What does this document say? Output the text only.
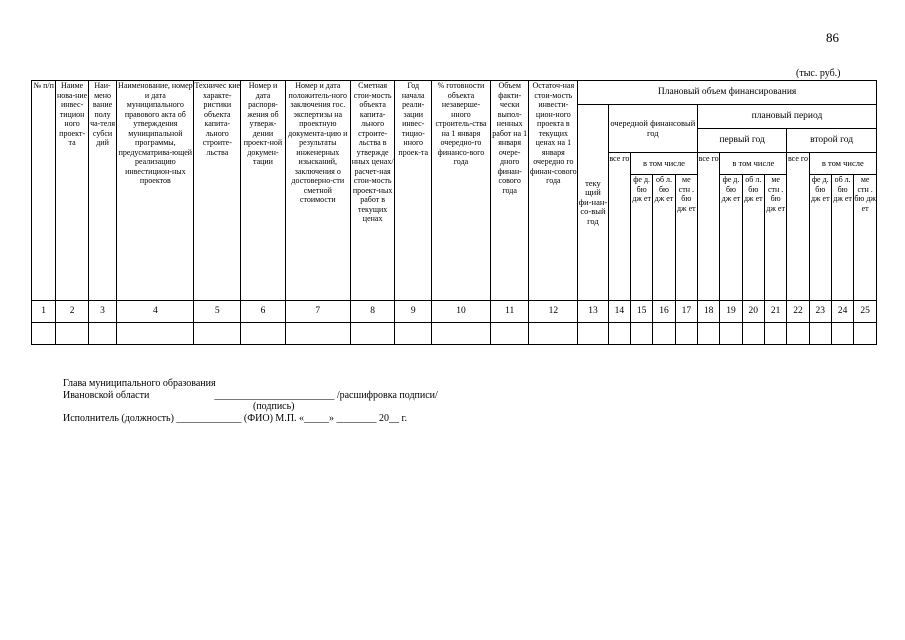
86
(тыс. руб.)
№ п/п	Наиме нова-ние инвес-тицион ного проект-та	Наи-мено вание полу ча-теля субси дий	Наименование, номер и дата муниципального правового акта об утверждения муниципальной программы, предусматрива-ющей реализацию инвестицион-ных проектов	Техничес кие характе-ристики объекта капита-льного строите-льства	Номер и дата распоря-жения об утверж-дении проект-ной докумен-тации	Номер и дата положитель-ного заключения гос. экспертизы на проектную документа-цию и результаты инженерных изысканий, заключения о достоверно-сти сметной стоимости	Сметная стои-мость объекта капита-льного строите-льства в утвержде нных ценах/ расчет-ная стои-мость проект-ных работ в текущих ценах	Год начала реали-зации инвес-тицио-нного проек-та	% готовности объекта незаверше-нного строитель-ства на 1 января очередно-го финансо-вого года	Объем факти-чески выпол-ненных работ на 1 января очере-дного финан-сового года	Остаточ-ная стои-мость инвести-цион-ного проекта в текущих ценах на 1 января очередно го финан-сового года	Плановый объем финансирования												
												теку щий фи-нан-со-вый год	очередной финансовый год				плановый период							
																	первый год				второй год			

													все го	в том числе			все го	в том числе			все го	в том числе		
														фе д. бю дж ет	об л. бю дж ет	ме стн . бю дж ет		фе д. бю дж ет	об л. бю дж ет	ме стн . бю дж ет		фе д. бю дж ет	об л. бю дж ет	ме стн . бю дж ет
1	2	3	4	5	6	7	8	9	10	11	12	13	14	15	16	17	18	19	20	21	22	23	24	25

Глава муниципального образования
Ивановской области                          ________________________ /расшифровка подписи/
(подпись)
Исполнитель (должность) _____________ (ФИО) М.П. «_____» ________ 20__ г.
